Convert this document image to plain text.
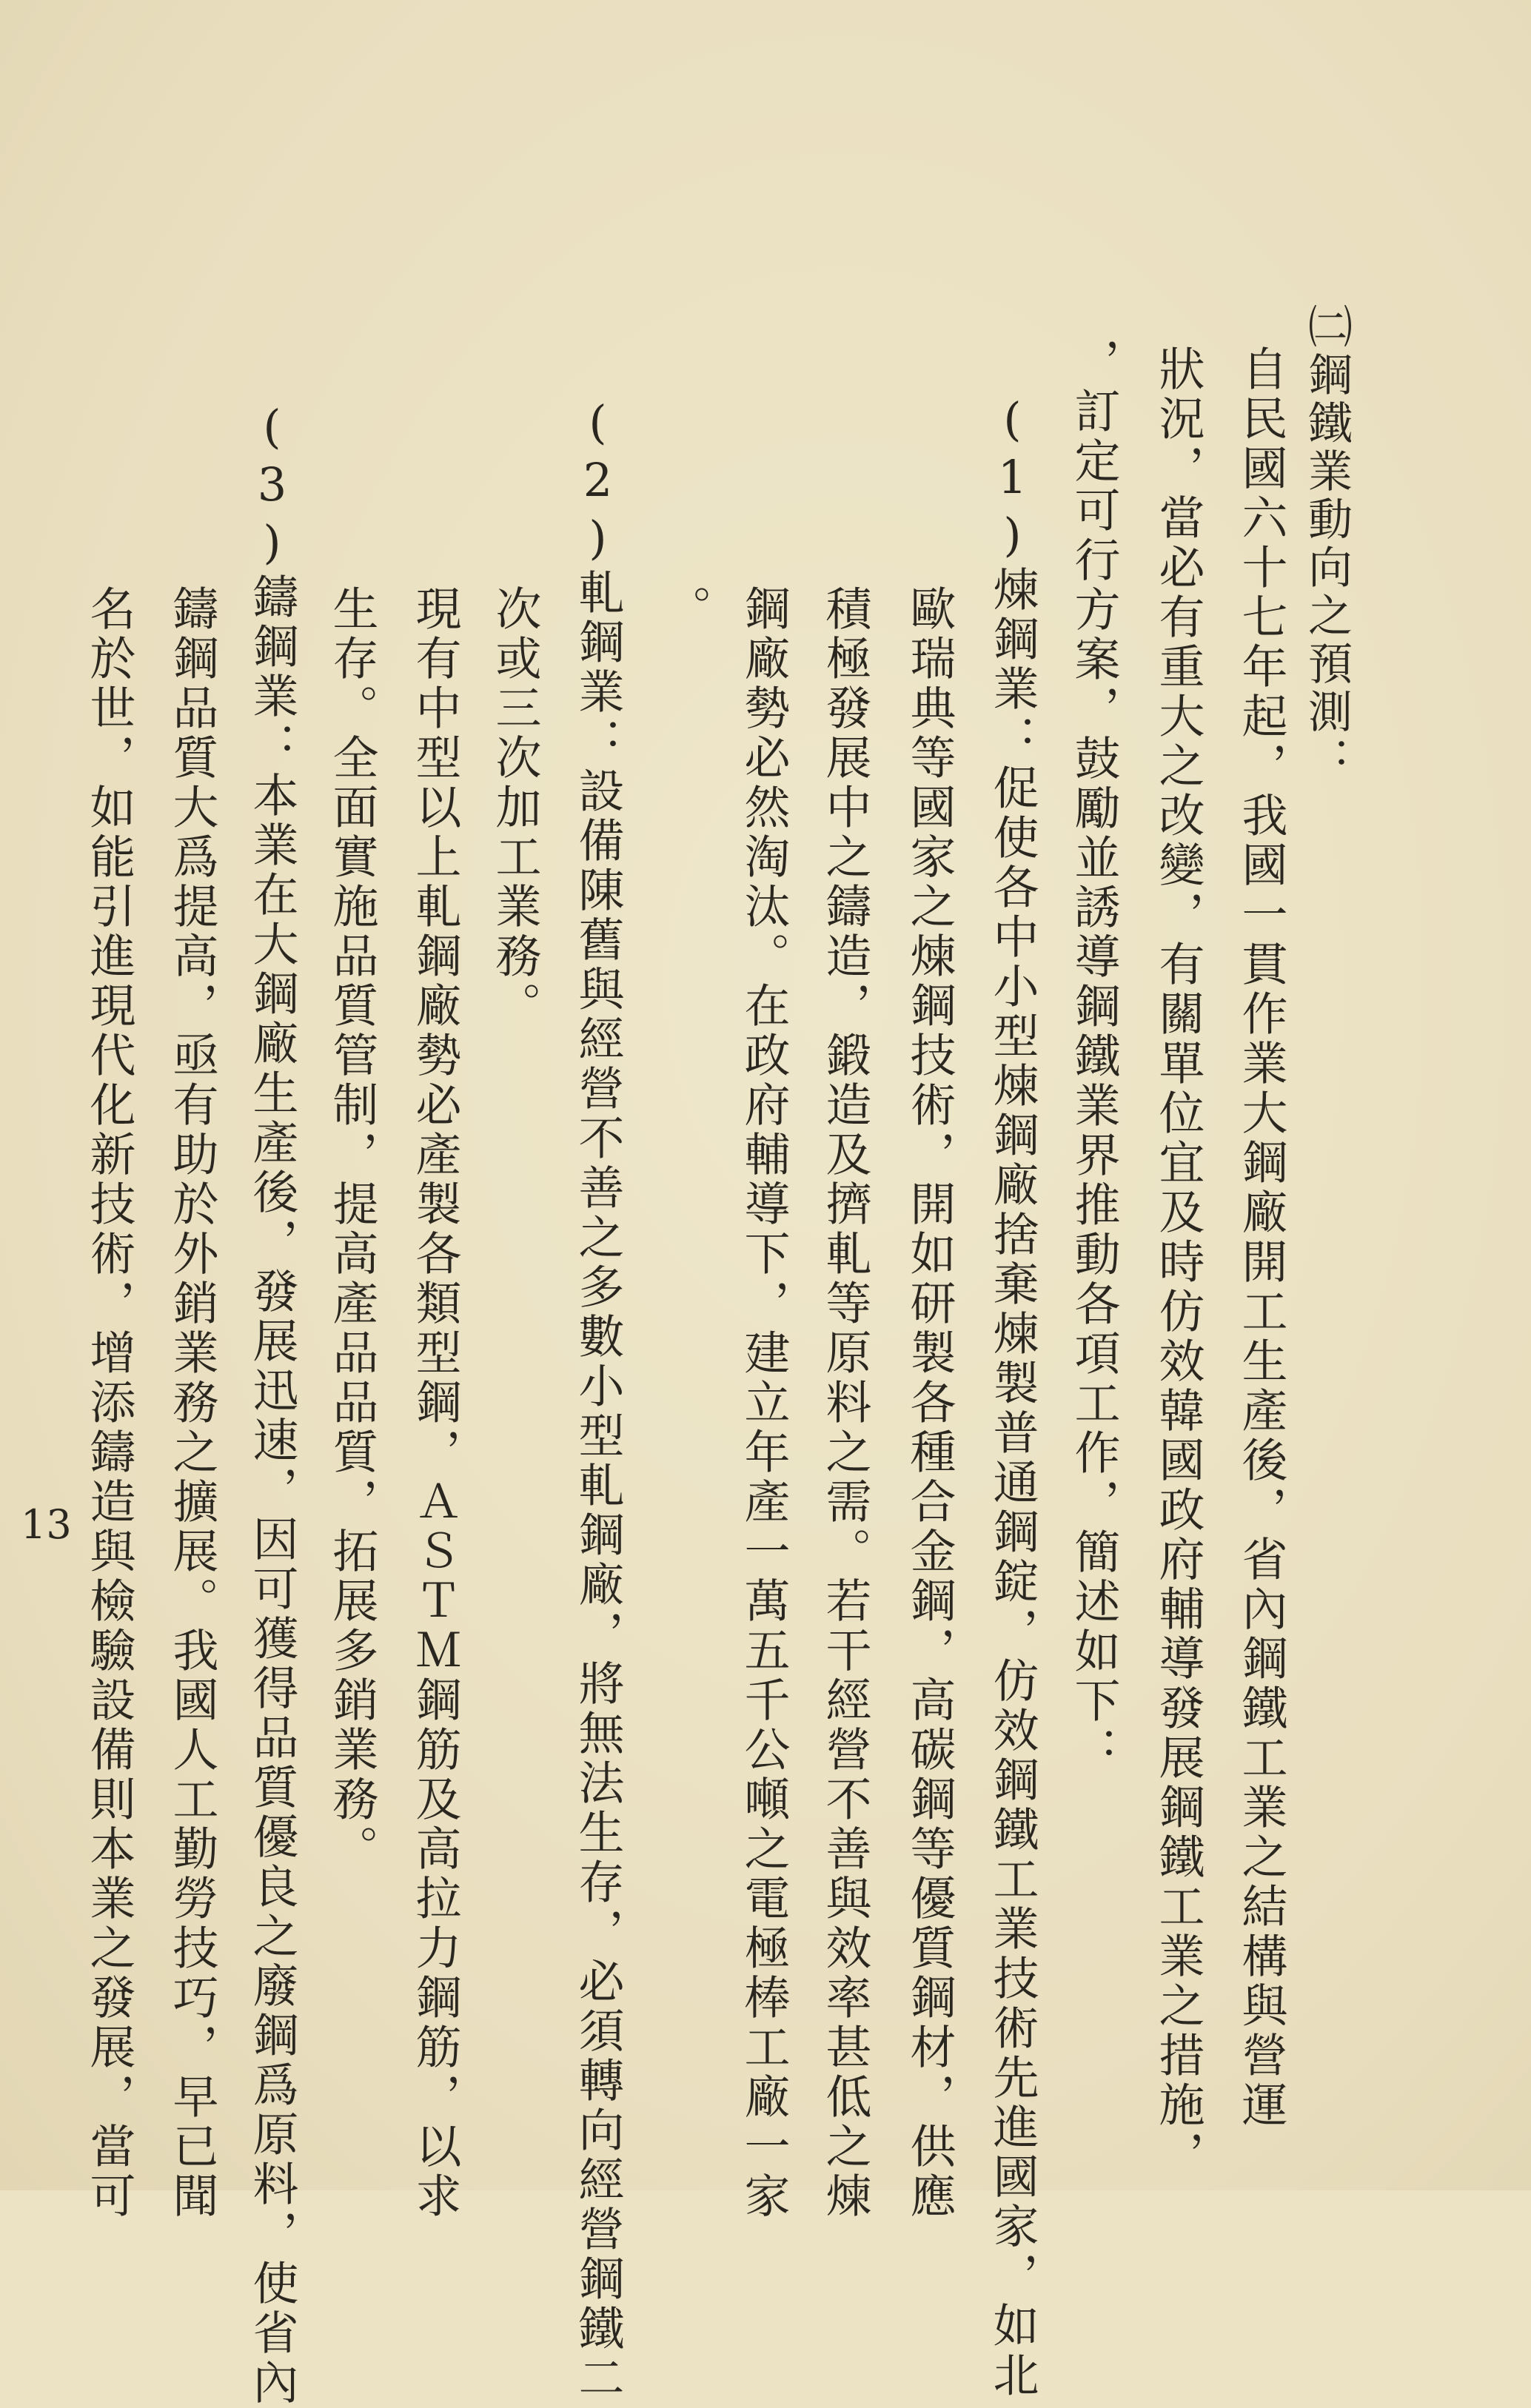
㈡鋼鐵業動向之預測：
自民國六十七年起，我國一貫作業大鋼廠開工生產後，省內鋼鐵工業之結構與營運
狀況，當必有重大之改變，有關單位宜及時仿效韓國政府輔導發展鋼鐵工業之措施，
，訂定可行方案，鼓勵並誘導鋼鐵業界推動各項工作，簡述如下：
(1)煉鋼業：促使各中小型煉鋼廠捨棄煉製普通鋼錠，仿效鋼鐵工業技術先進國家，如北
歐瑞典等國家之煉鋼技術，開如研製各種合金鋼，高碳鋼等優質鋼材，供應
積極發展中之鑄造，鍛造及擠軋等原料之需。若干經營不善與效率甚低之煉
鋼廠勢必然淘汰。在政府輔導下，建立年產一萬五千公噸之電極棒工廠一家
。
(2)軋鋼業：設備陳舊與經營不善之多數小型軋鋼廠，將無法生存，必須轉向經營鋼鐵二
次或三次加工業務。
現有中型以上軋鋼廠勢必產製各類型鋼，ＡＳＴＭ鋼筋及高拉力鋼筋，以求
生存。全面實施品質管制，提高產品品質，拓展多銷業務。
(3)鑄鋼業：本業在大鋼廠生產後，發展迅速，因可獲得品質優良之廢鋼爲原料，使省內
鑄鋼品質大爲提高，亟有助於外銷業務之擴展。我國人工勤勞技巧，早已聞
名於世，如能引進現代化新技術，增添鑄造與檢驗設備則本業之發展，當可
13
